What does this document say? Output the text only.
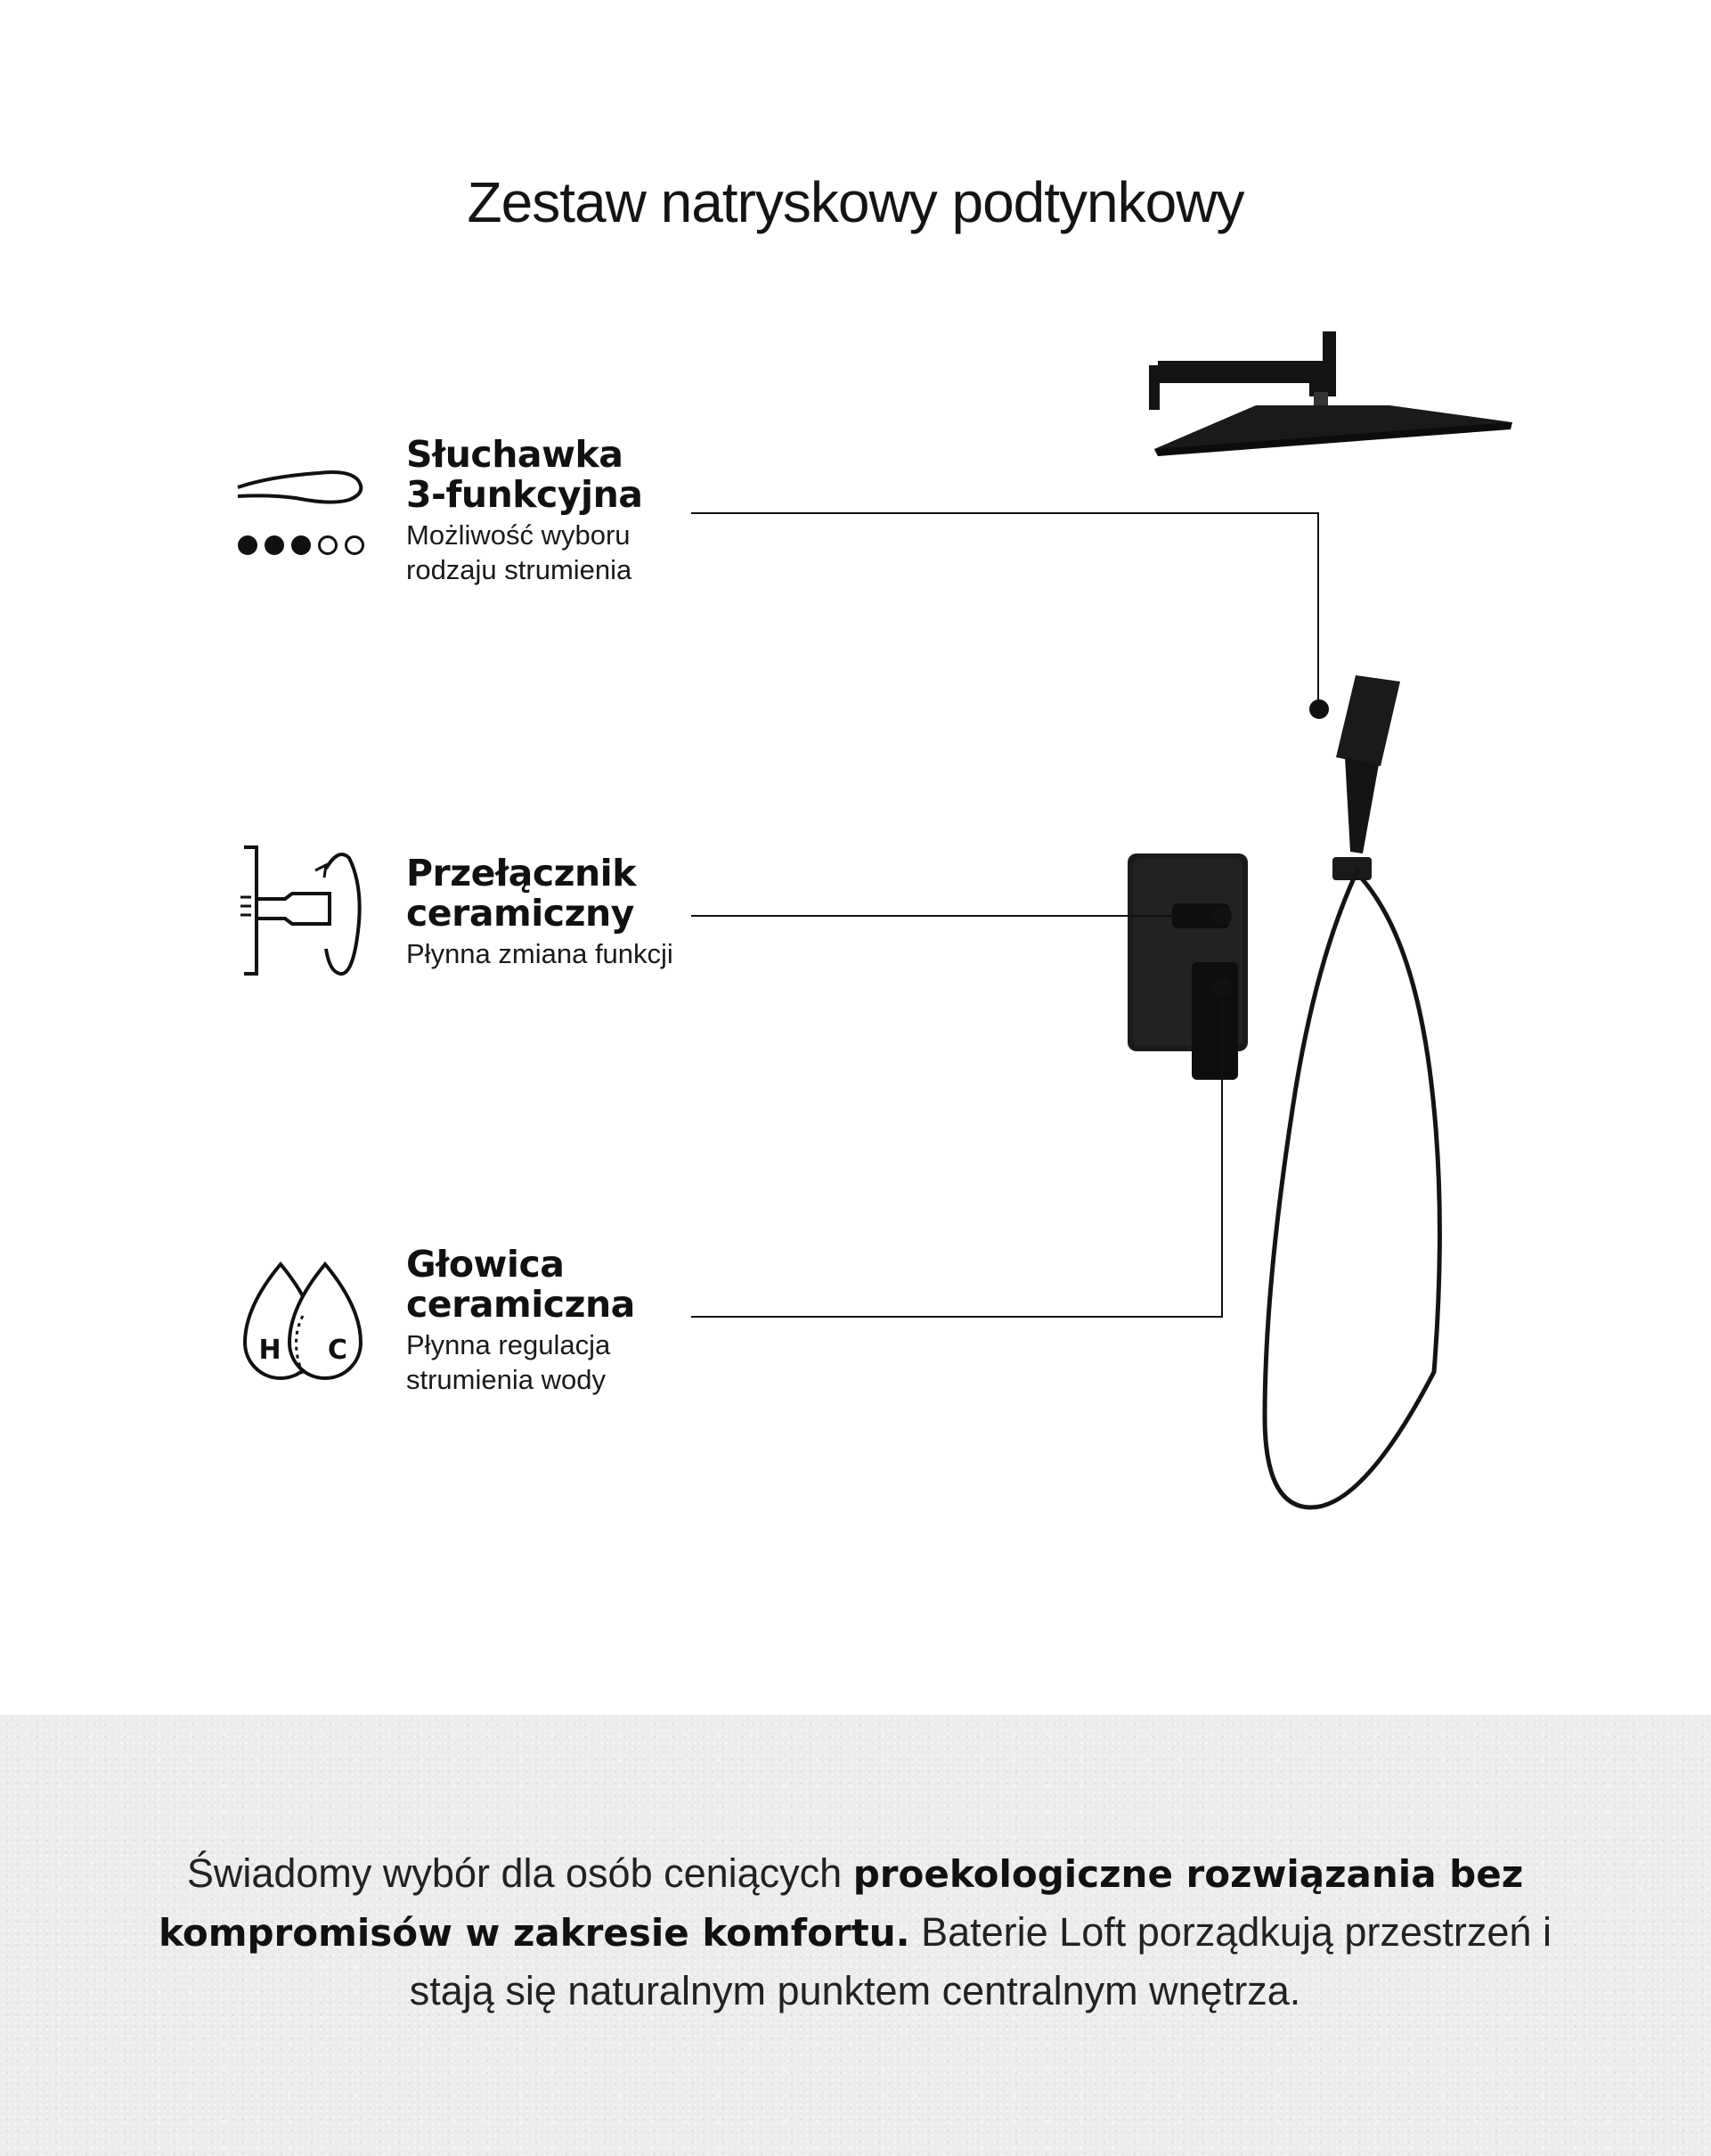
Zestaw natryskowy podtynkowy
Słuchawka
3-funkcyjna
Możliwość wyboru
rodzaju strumienia
Przełącznik
ceramiczny
Płynna zmiana funkcji
H C
Głowica
ceramiczna
Płynna regulacja
strumienia wody
Świadomy wybór dla osób ceniących proekologiczne rozwiązania bez kompromisów w zakresie komfortu. Baterie Loft porządkują przestrzeń i stają się naturalnym punktem centralnym wnętrza.
